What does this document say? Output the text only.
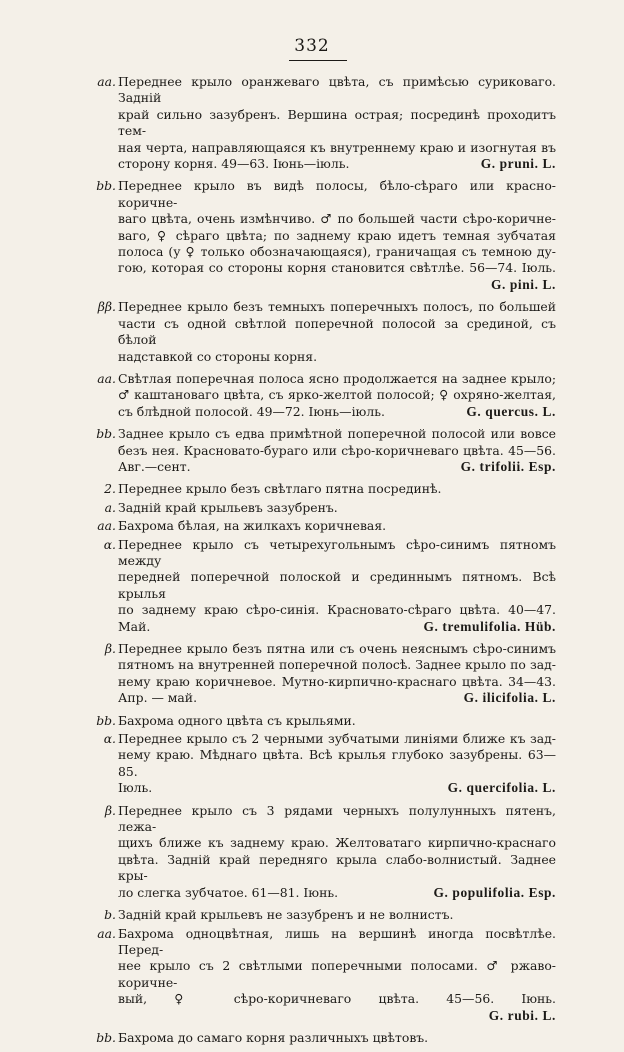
332
aa. Переднее крыло оранжеваго цвѣта, съ примѣсью суриковаго. Задній
край сильно зазубренъ. Вершина острая; посрединѣ проходитъ тем-
ная черта, направляющаяся къ внутреннему краю и изогнутая въ
сторону корня. 49—63. Іюнь—іюль.	G. pruni. L.
bb. Переднее крыло въ видѣ полосы, бѣло-сѣраго или красно-коричне-
ваго цвѣта, очень измѣнчиво. ♂ по большей части сѣро-коричне-
ваго, ♀ сѣраго цвѣта; по заднему краю идетъ темная зубчатая
полоса (у ♀ только обозначающаяся), граничащая съ темною ду-
гою, которая со стороны корня становится свѣтлѣе. 56—74. Іюль.
G. pini. L.
ββ. Переднее крыло безъ темныхъ поперечныхъ полосъ, по большей
части съ одной свѣтлой поперечной полосой за срединой, съ бѣлой
надставкой со стороны корня.
aa. Свѣтлая поперечная полоса ясно продолжается на заднее крыло;
♂ каштановаго цвѣта, съ ярко-желтой полосой; ♀ охряно-желтая,
съ блѣдной полосой. 49—72. Іюнь—іюль.	G. quercus. L.
bb. Заднее крыло съ едва примѣтной поперечной полосой или вовсе
безъ нея. Красновато-бураго или сѣро-коричневаго цвѣта. 45—56.
Авг.—сент.	G. trifolii. Esp.
2. Переднее крыло безъ свѣтлаго пятна посрединѣ.
a. Задній край крыльевъ зазубренъ.
aa. Бахрома бѣлая, на жилкахъ коричневая.
α. Переднее крыло съ четырехугольнымъ сѣро-синимъ пятномъ между
передней поперечной полоской и срединнымъ пятномъ. Всѣ крылья
по заднему краю сѣро-синія. Красновато-сѣраго цвѣта. 40—47.
Май.	G. tremulifolia. Hüb.
β. Переднее крыло безъ пятна или съ очень неяснымъ сѣро-синимъ
пятномъ на внутренней поперечной полосѣ. Заднее крыло по зад-
нему краю коричневое. Мутно-кирпично-краснаго цвѣта. 34—43.
Апр. — май.	G. ilicifolia. L.
bb. Бахрома одного цвѣта съ крыльями.
α. Переднее крыло съ 2 черными зубчатыми линіями ближе къ зад-
нему краю. Мѣднаго цвѣта. Всѣ крылья глубоко зазубрены. 63—85.
Іюль.	G. quercifolia. L.
β. Переднее крыло съ 3 рядами черныхъ полулунныхъ пятенъ, лежа-
щихъ ближе къ заднему краю. Желтоватаго кирпично-краснаго
цвѣта. Задній край передняго крыла слабо-волнистый. Заднее кры-
ло слегка зубчатое. 61—81. Іюнь.	G. populifolia. Esp.
b. Задній край крыльевъ не зазубренъ и не волнистъ.
aa. Бахрома одноцвѣтная, лишь на вершинѣ иногда посвѣтлѣе. Перед-
нее крыло съ 2 свѣтлыми поперечными полосами. ♂ ржаво-коричне-
вый, ♀ сѣро-коричневаго цвѣта. 45—56. Іюнь.
G. rubi. L.
bb. Бахрома до самаго корня различныхъ цвѣтовъ.
